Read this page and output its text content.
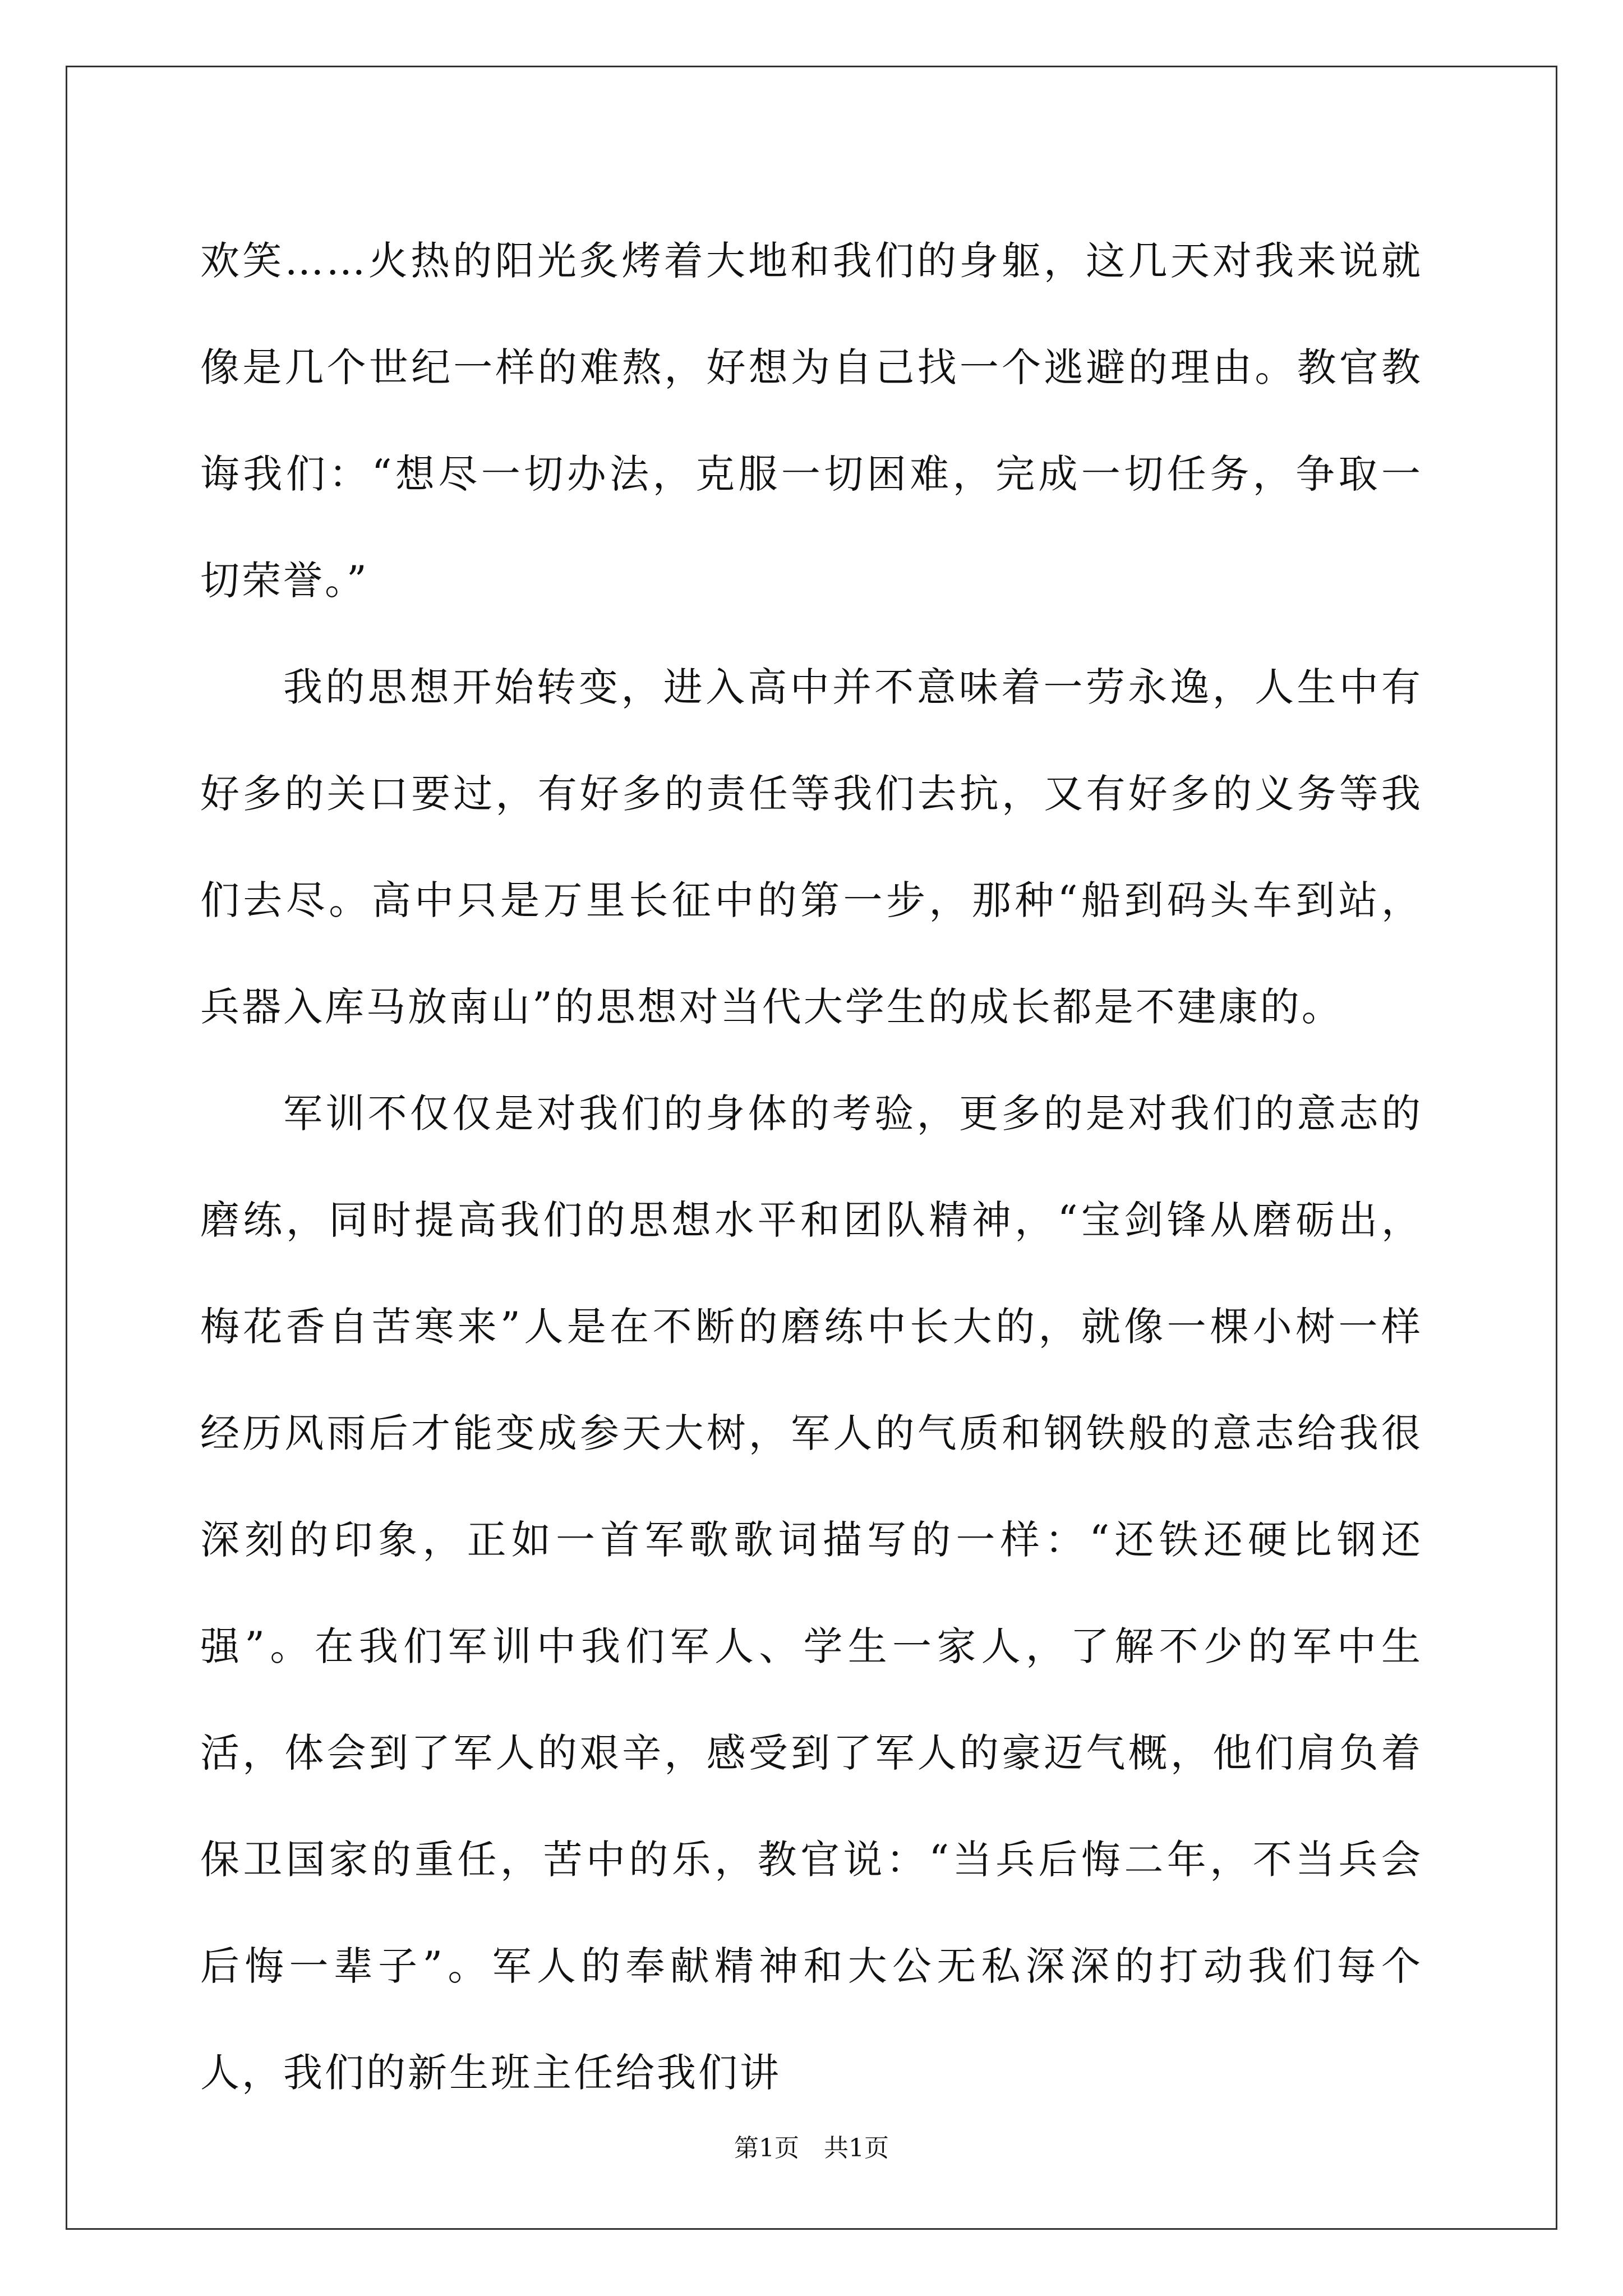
欢笑……火热的阳光炙烤着大地和我们的身躯，这几天对我来说就像是几个世纪一样的难熬，好想为自己找一个逃避的理由。教官教诲我们：“想尽一切办法，克服一切困难，完成一切任务，争取一切荣誉。”

我的思想开始转变，进入高中并不意味着一劳永逸，人生中有好多的关口要过，有好多的责任等我们去抗，又有好多的义务等我们去尽。高中只是万里长征中的第一步，那种“船到码头车到站，兵器入库马放南山”的思想对当代大学生的成长都是不建康的。

军训不仅仅是对我们的身体的考验，更多的是对我们的意志的磨练，同时提高我们的思想水平和团队精神，“宝剑锋从磨砺出，梅花香自苦寒来”人是在不断的磨练中长大的，就像一棵小树一样经历风雨后才能变成参天大树，军人的气质和钢铁般的意志给我很深刻的印象，正如一首军歌歌词描写的一样：“还铁还硬比钢还强”。在我们军训中我们军人、学生一家人，了解不少的军中生活，体会到了军人的艰辛，感受到了军人的豪迈气概，他们肩负着保卫国家的重任，苦中的乐，教官说：“当兵后悔二年，不当兵会后悔一辈子”。军人的奉献精神和大公无私深深的打动我们每个人，我们的新生班主任给我们讲

第1页　共1页
